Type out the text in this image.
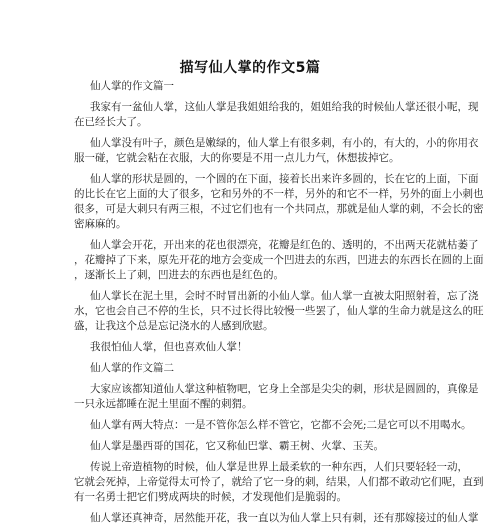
描写仙人掌的作文5篇
仙人掌的作文篇一
我家有一盆仙人掌，这仙人掌是我姐姐给我的，姐姐给我的时候仙人掌还很小呢，现
在已经长大了。
仙人掌没有叶子，颜色是嫩绿的，仙人掌上有很多刺，有小的，有大的，小的你用衣
服一碰，它就会粘在衣服，大的你要是不用一点儿力气，休想拔掉它。
仙人掌的形状是圆的，一个圆的在下面，接着长出来许多圆的，长在它的上面，下面
的比长在它上面的大了很多，它和另外的不一样，另外的和它不一样，另外的面上小刺也
很多，可是大刺只有两三根，不过它们也有一个共同点，那就是仙人掌的刺，不会长的密
密麻麻的。
仙人掌会开花，开出来的花也很漂亮，花瓣是红色的、透明的，不出两天花就枯萎了
，花瓣掉了下来，原先开花的地方会变成一个凹进去的东西，凹进去的东西长在圆的上面
，逐渐长上了刺，凹进去的东西也是红色的。
仙人掌长在泥土里，会时不时冒出新的小仙人掌。仙人掌一直被太阳照射着，忘了浇
水，它也会自己不停的生长，只不过长得比较慢一些罢了，仙人掌的生命力就是这么的旺
盛，让我这个总是忘记浇水的人感到欣慰。
我很怕仙人掌，但也喜欢仙人掌！
仙人掌的作文篇二
大家应该都知道仙人掌这种植物吧，它身上全部是尖尖的刺，形状是圆圆的，真像是
一只永远都睡在泥土里面不醒的刺猬。
仙人掌有两大特点：一是不管你怎么样不管它，它都不会死;二是它可以不用喝水。
仙人掌是墨西哥的国花，它又称仙巴掌、霸王树、火掌、玉芙。
传说上帝造植物的时候，仙人掌是世界上最柔软的一种东西，人们只要轻轻一动，
它就会死掉，上帝觉得太可怜了，就给了它一身的刺，结果，人们都不敢动它们呢，直到
有一名勇士把它们劈成两块的时候，才发现他们是脆弱的。
仙人掌还真神奇，居然能开花，我一直以为仙人掌上只有刺，还有那嫁接过的仙人掌
